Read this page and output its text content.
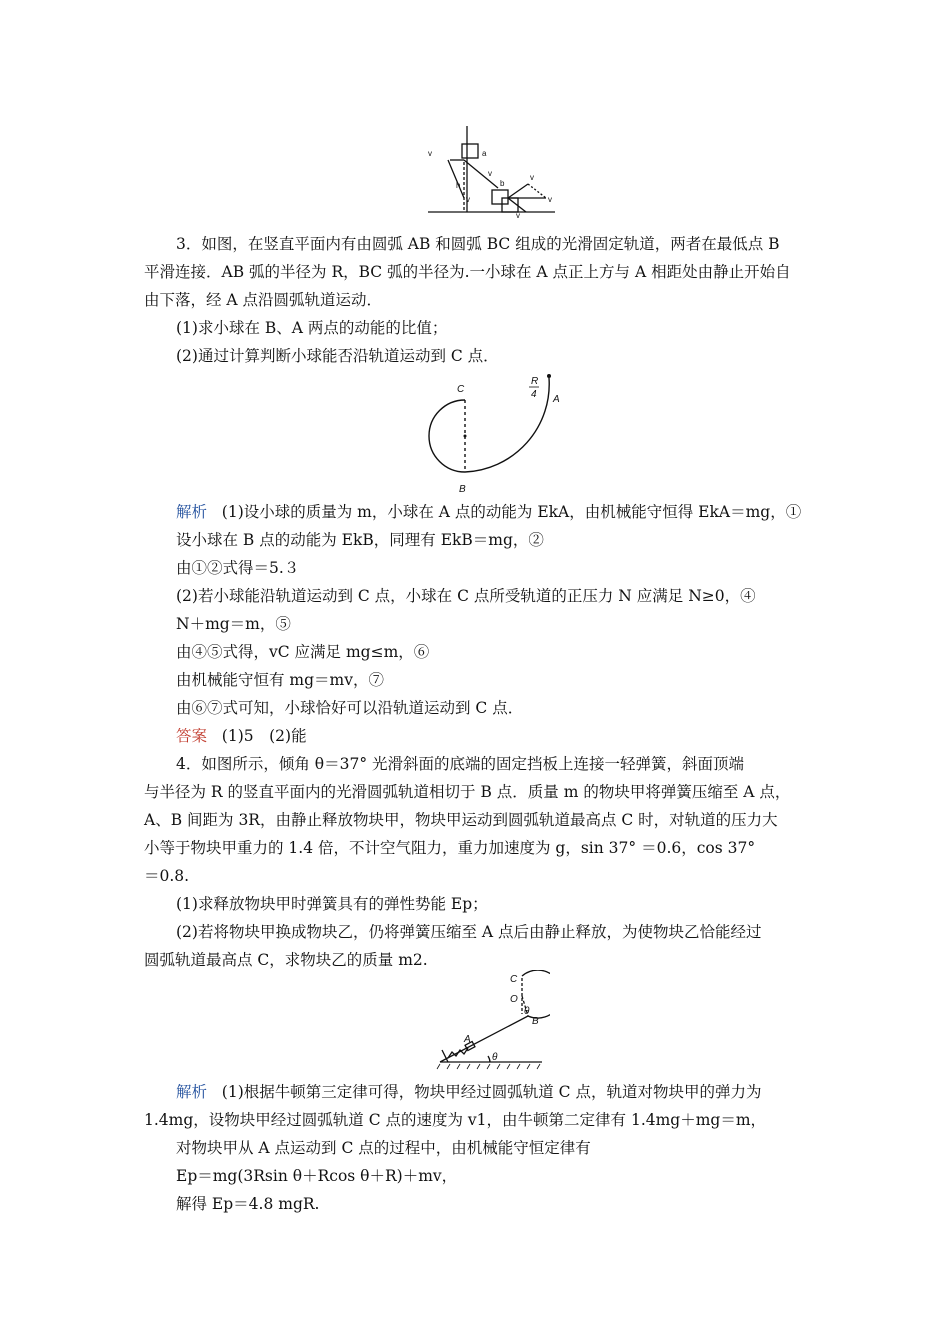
v	a
v
h
v
b
v
v
v
3．如图，在竖直平面内有由圆弧 AB 和圆弧 BC 组成的光滑固定轨道，两者在最低点 B
平滑连接．AB 弧的半径为 R，BC 弧的半径为.一小球在 A 点正上方与 A 相距处由静止开始自
由下落，经 A 点沿圆弧轨道运动．
(1)求小球在 B、A 两点的动能的比值；
(2)通过计算判断小球能否沿轨道运动到 C 点．
C
R
4 A
B
解析 (1)设小球的质量为 m，小球在 A 点的动能为 EkA，由机械能守恒得 EkA＝mg，①
设小球在 B 点的动能为 EkB，同理有 EkB＝mg，②
由①②式得＝5.３
(2)若小球能沿轨道运动到 C 点，小球在 C 点所受轨道的正压力 N 应满足 N≥0，④
N＋mg＝m，⑤
由④⑤式得，vC 应满足 mg≤m，⑥
由机械能守恒有 mg＝mv，⑦
由⑥⑦式可知，小球恰好可以沿轨道运动到 C 点．
答案 (1)5　(2)能
4．如图所示，倾角 θ＝37° 光滑斜面的底端的固定挡板上连接一轻弹簧，斜面顶端
与半径为 R 的竖直平面内的光滑圆弧轨道相切于 B 点．质量 m 的物块甲将弹簧压缩至 A 点，
A、B 间距为 3R，由静止释放物块甲，物块甲运动到圆弧轨道最高点 C 时，对轨道的压力大
小等于物块甲重力的 1.4 倍，不计空气阻力，重力加速度为 g，sin 37° ＝0.6，cos 37°
＝0.8.
(1)求释放物块甲时弹簧具有的弹性势能 Ep；
(2)若将物块甲换成物块乙，仍将弹簧压缩至 A 点后由静止释放，为使物块乙恰能经过
圆弧轨道最高点 C，求物块乙的质量 m2.
C
O
θ
B
A
θ
解析 (1)根据牛顿第三定律可得，物块甲经过圆弧轨道 C 点，轨道对物块甲的弹力为
1.4mg，设物块甲经过圆弧轨道 C 点的速度为 v1，由牛顿第二定律有 1.4mg＋mg＝m，
对物块甲从 A 点运动到 C 点的过程中，由机械能守恒定律有
Ep＝mg(3Rsin θ＋Rcos θ＋R)＋mv，
解得 Ep＝4.8 mgR.
